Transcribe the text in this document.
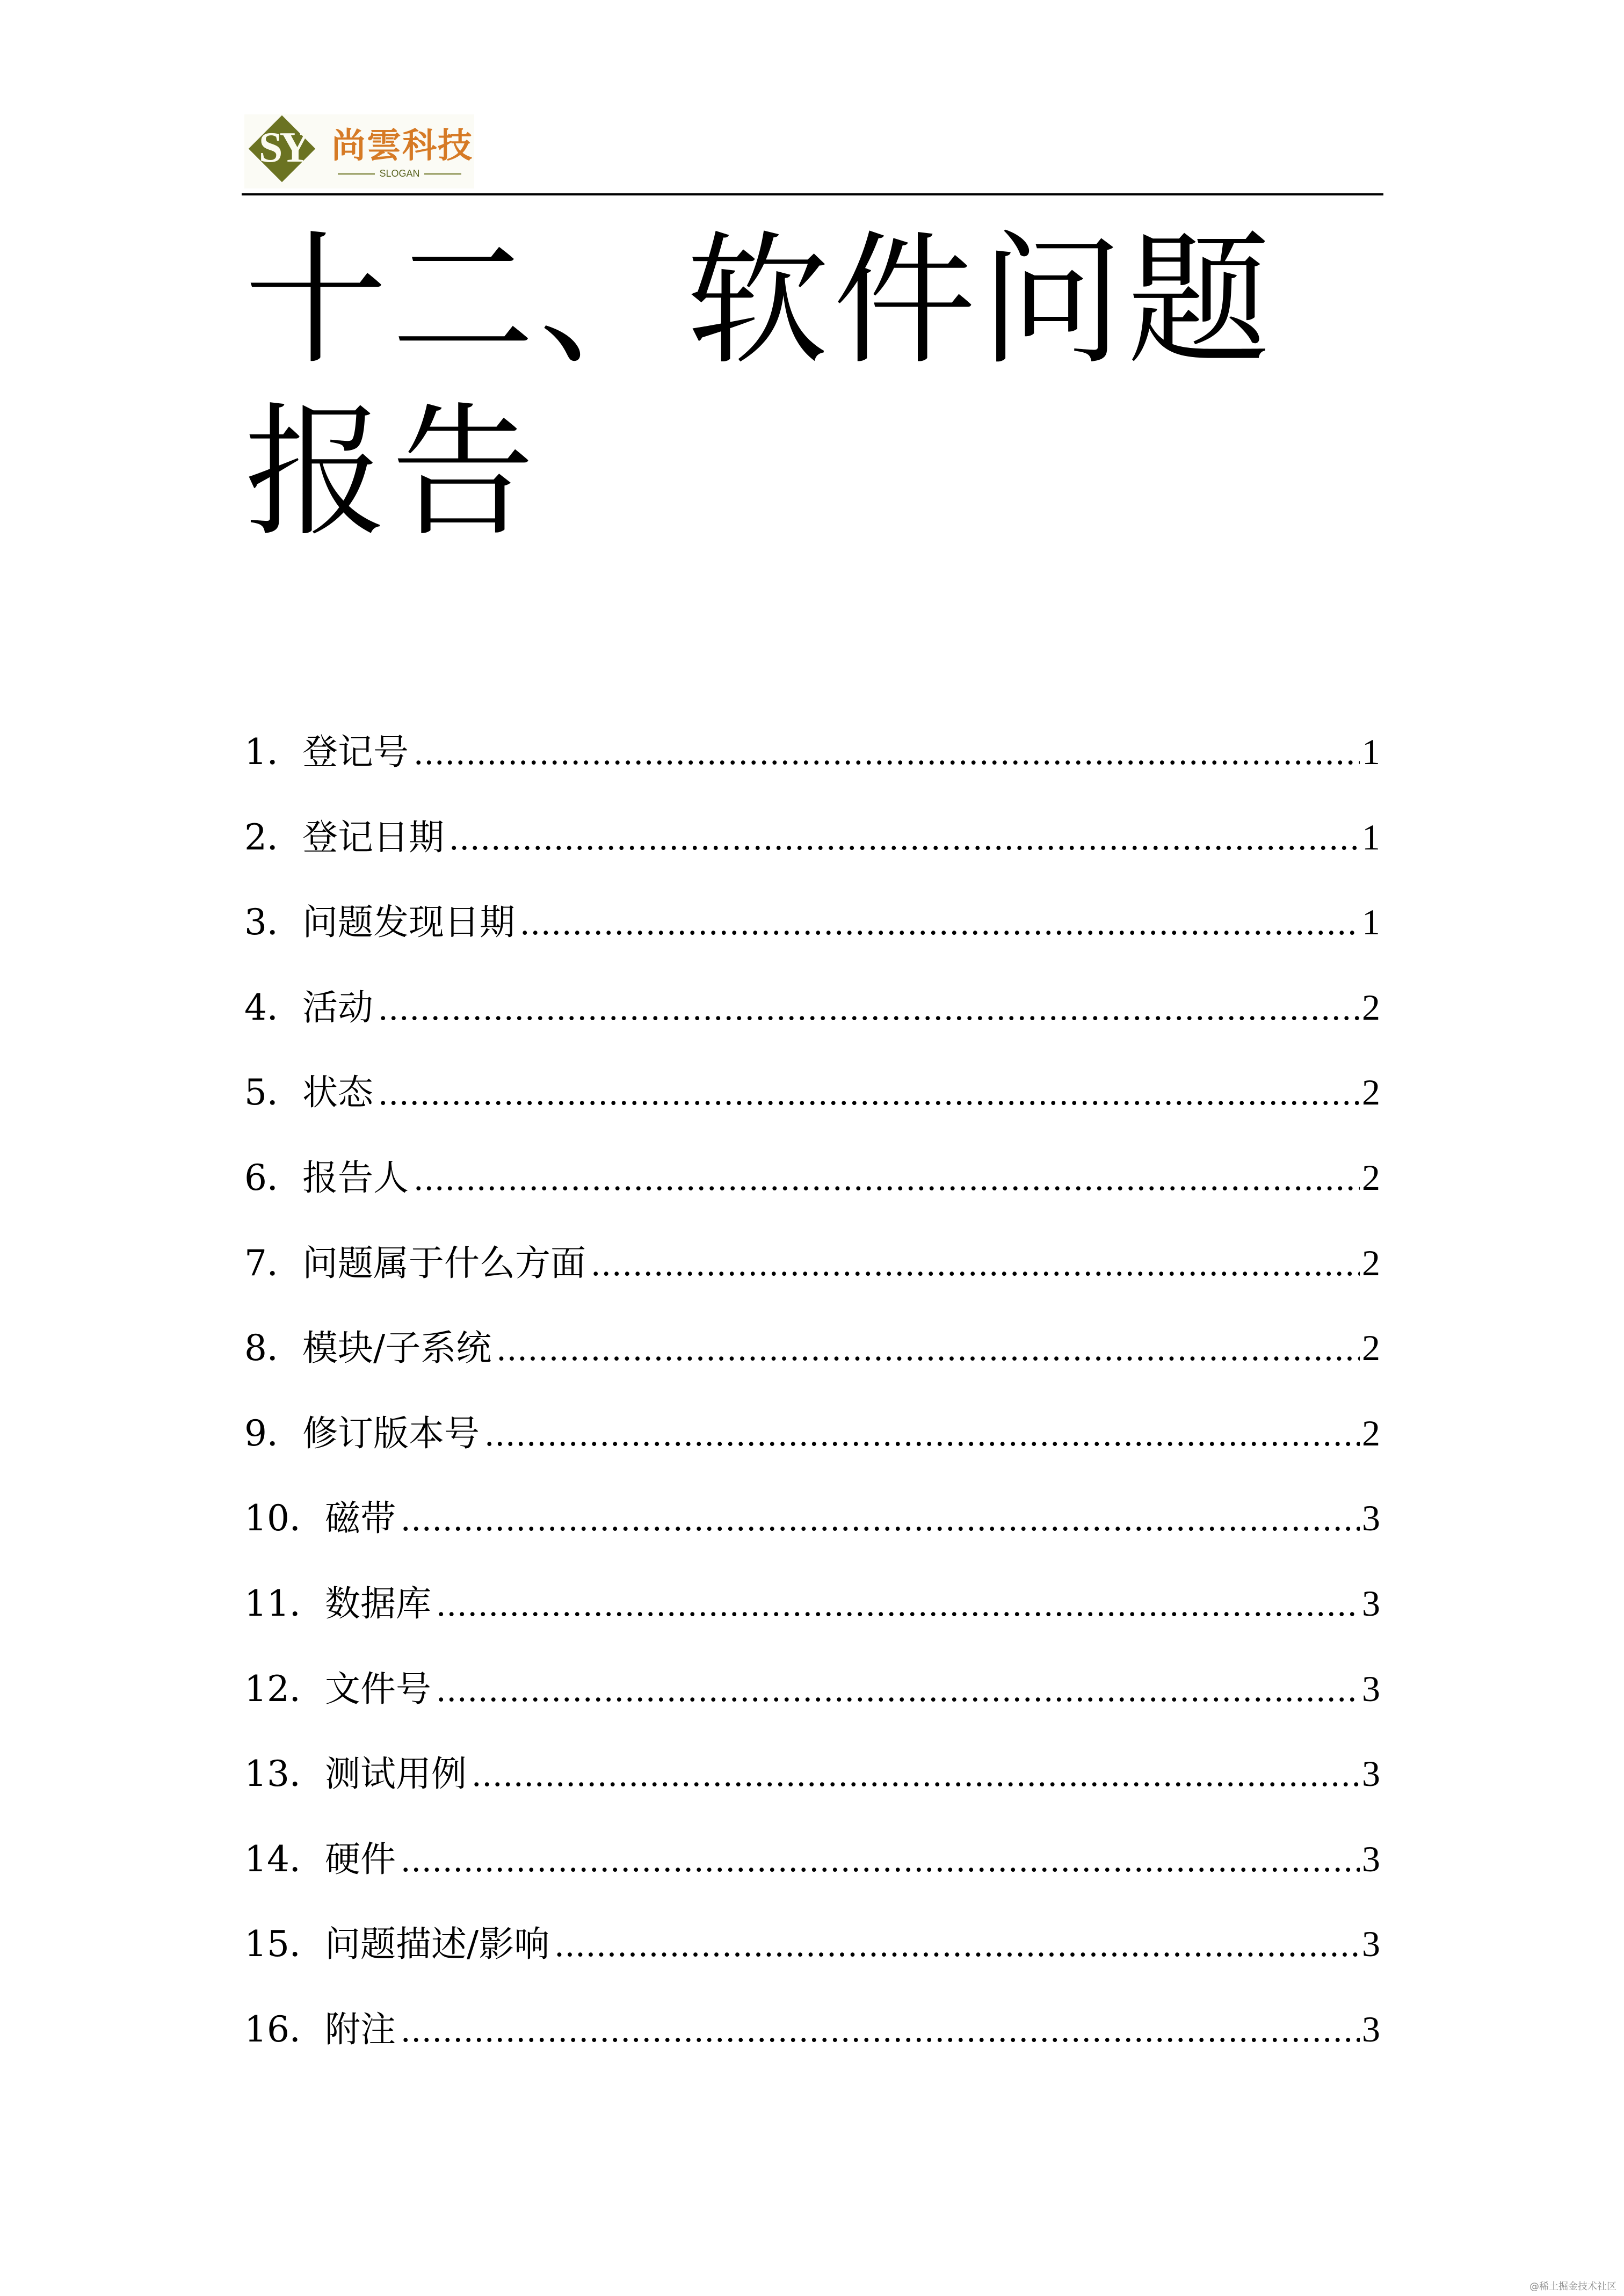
SY 尚雲科技
SLOGAN
十二、软件问题报告
1． 登记号 .....	1
2． 登记日期 .....	1
3． 问题发现日期 .....	1
4． 活动 .....	2
5． 状态 .....	2
6． 报告人 .....	2
7． 问题属于什么方面 .....	2
8． 模块/子系统 .....	2
9． 修订版本号 .....	2
10． 磁带 .....	3
11． 数据库 .....	3
12． 文件号 .....	3
13． 测试用例 .....	3
14． 硬件 .....	3
15． 问题描述/影响 .....	3
16． 附注 .....	3
@稀土掘金技术社区
